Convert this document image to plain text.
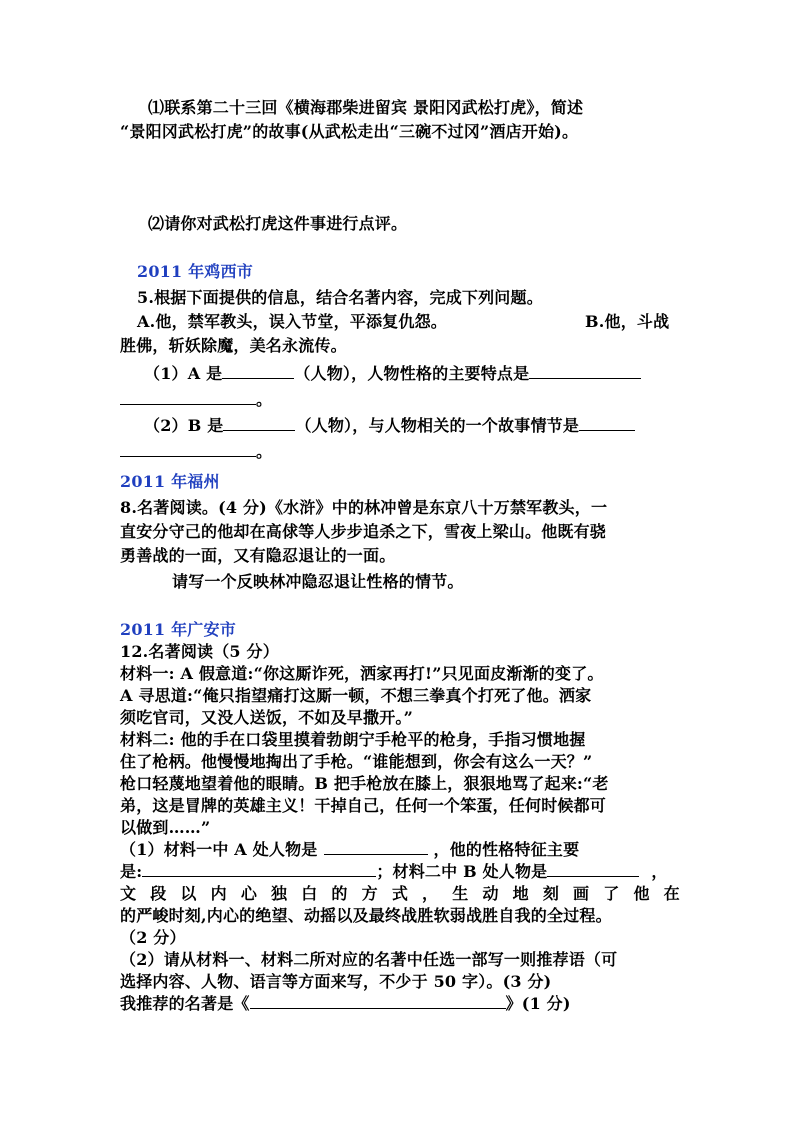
⑴联系第二十三回《横海郡柴进留宾 景阳冈武松打虎》，简述
“景阳冈武松打虎”的故事(从武松走出“三碗不过冈”酒店开始)。
⑵请你对武松打虎这件事进行点评。
2011 年鸡西市
5.根据下面提供的信息，结合名著内容，完成下列问题。
A.他，禁军教头，误入节堂，平添复仇怨。	B.他，斗战
胜佛，斩妖除魔，美名永流传。
（1）A 是	（人物），人物性格的主要特点是
。
（2）B 是	（人物），与人物相关的一个故事情节是
。
2011 年福州
8.名著阅读。(4 分)《水浒》中的林冲曾是东京八十万禁军教头，一
直安分守己的他却在高俅等人步步追杀之下，雪夜上梁山。他既有骁
勇善战的一面，又有隐忍退让的一面。
请写一个反映林冲隐忍退让性格的情节。
2011 年广安市
12.名著阅读（5 分）
材料一: A 假意道:“你这厮诈死，洒家再打!”只见面皮渐渐的变了。
A 寻思道:“俺只指望痛打这厮一顿，不想三拳真个打死了他。洒家
须吃官司，又没人送饭，不如及早撒开。”
材料二: 他的手在口袋里摸着勃朗宁手枪平的枪身，手指习惯地握
住了枪柄。他慢慢地掏出了手枪。“谁能想到，你会有这么一天？”
枪口轻蔑地望着他的眼睛。B 把手枪放在膝上，狠狠地骂了起来:“老
弟，这是冒牌的英雄主义！干掉自己，任何一个笨蛋，任何时候都可
以做到……”
（1）材料一中 A 处人物是	，他的性格特征主要
是:	；材料二中 B 处人物是	，
文 段 以 内 心 独 白 的 方 式 ， 生 动 地 刻 画 了 他 在
的严峻时刻,内心的绝望、动摇以及最终战胜软弱战胜自我的全过程。
（2 分）
（2）请从材料一、材料二所对应的名著中任选一部写一则推荐语（可
选择内容、人物、语言等方面来写，不少于 50 字）。(3 分)
我推荐的名著是《	》(1 分)
